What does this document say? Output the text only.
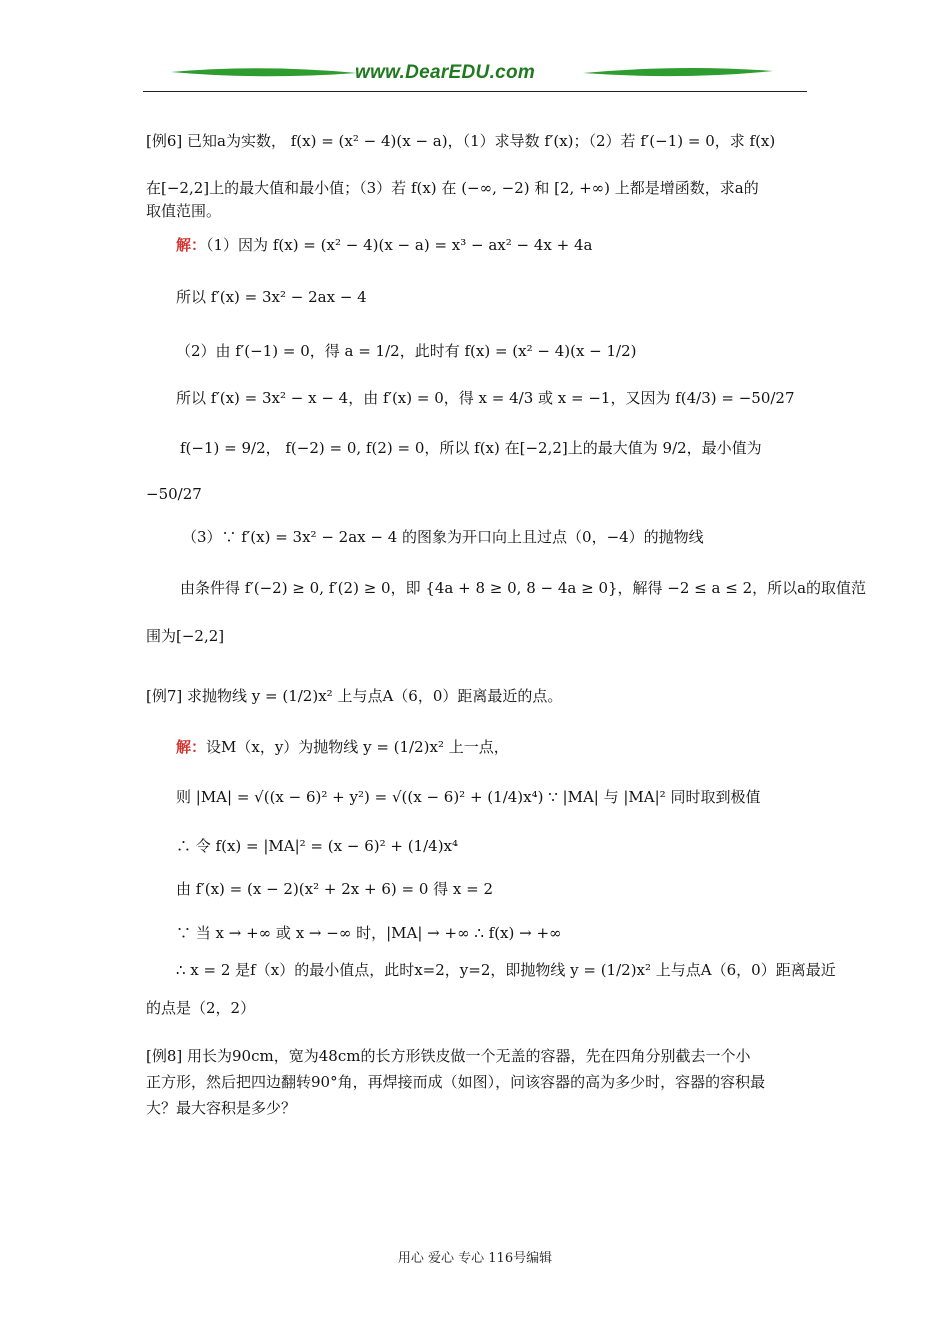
www.DearEDU.com
[例6] 已知a为实数， f(x) = (x² − 4)(x − a)，（1）求导数 f′(x)；（2）若 f′(−1) = 0，求 f(x)
在[−2,2]上的最大值和最小值；（3）若 f(x) 在 (−∞, −2) 和 [2, +∞) 上都是增函数，求a的
取值范围。
解：（1）因为 f(x) = (x² − 4)(x − a) = x³ − ax² − 4x + 4a
所以 f′(x) = 3x² − 2ax − 4
（2）由 f′(−1) = 0，得 a = 1/2，此时有 f(x) = (x² − 4)(x − 1/2)
所以 f′(x) = 3x² − x − 4，由 f′(x) = 0，得 x = 4/3 或 x = −1，又因为 f(4/3) = −50/27
f(−1) = 9/2， f(−2) = 0, f(2) = 0，所以 f(x) 在[−2,2]上的最大值为 9/2，最小值为
−50/27
（3）∵ f′(x) = 3x² − 2ax − 4 的图象为开口向上且过点（0，−4）的抛物线
由条件得 f′(−2) ≥ 0, f′(2) ≥ 0，即 {4a + 8 ≥ 0, 8 − 4a ≥ 0}，解得 −2 ≤ a ≤ 2，所以a的取值范
围为[−2,2]
[例7] 求抛物线 y = (1/2)x² 上与点A（6，0）距离最近的点。
解：设M（x，y）为抛物线 y = (1/2)x² 上一点，
则 |MA| = √((x − 6)² + y²) = √((x − 6)² + (1/4)x⁴) ∵ |MA| 与 |MA|² 同时取到极值
∴ 令 f(x) = |MA|² = (x − 6)² + (1/4)x⁴
由 f′(x) = (x − 2)(x² + 2x + 6) = 0 得 x = 2
∵ 当 x → +∞ 或 x → −∞ 时，|MA| → +∞ ∴ f(x) → +∞
∴ x = 2 是f（x）的最小值点，此时x=2，y=2，即抛物线 y = (1/2)x² 上与点A（6，0）距离最近
的点是（2，2）
[例8] 用长为90cm，宽为48cm的长方形铁皮做一个无盖的容器，先在四角分别截去一个小
正方形，然后把四边翻转90°角，再焊接而成（如图），问该容器的高为多少时，容器的容积最
大？最大容积是多少？
用心 爱心 专心 116号编辑
